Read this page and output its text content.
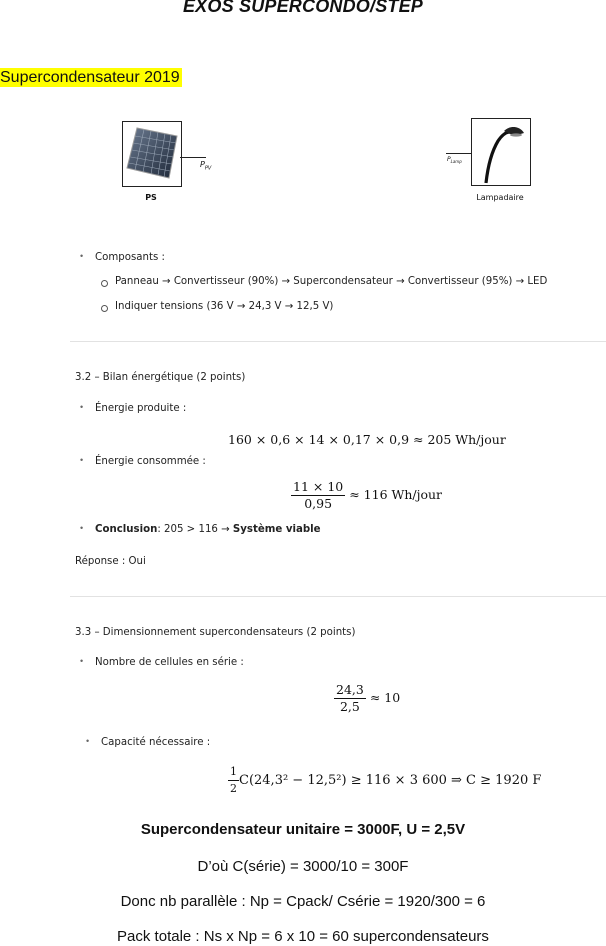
EXOS SUPERCONDO/STEP
Supercondensateur 2019
$P_{PV}$
PS
$P_{Lamp}$
Lampadaire
• Composants :
Panneau → Convertisseur (90%) → Supercondensateur → Convertisseur (95%) → LED
Indiquer tensions (36 V → 24,3 V → 12,5 V)
3.2 – Bilan énergétique (2 points)
• Énergie produite :
160 × 0,6 × 14 × 0,17 × 0,9 ≈ 205 Wh/jour
• Énergie consommée :
$\frac{11 \times 10}{0,95} \approx 116$ Wh/jour
• Conclusion: 205 > 116 → Système viable
Réponse : Oui
3.3 – Dimensionnement supercondensateurs (2 points)
• Nombre de cellules en série :
$\frac{24,3}{2,5} \approx 10$
• Capacité nécessaire :
$\frac{1}{2} C(24,3^2 - 12,5^2) \ge 116 \times 3$ 600 ⇒ C ≥ 1920 F
Supercondensateur unitaire = 3000F, U = 2,5V
D’où C(série) = 3000/10 = 300F
Donc nb parallèle : Np = Cpack/ Csérie = 1920/300 = 6
Pack totale : Ns x Np = 6 x 10 = 60 supercondensateurs
